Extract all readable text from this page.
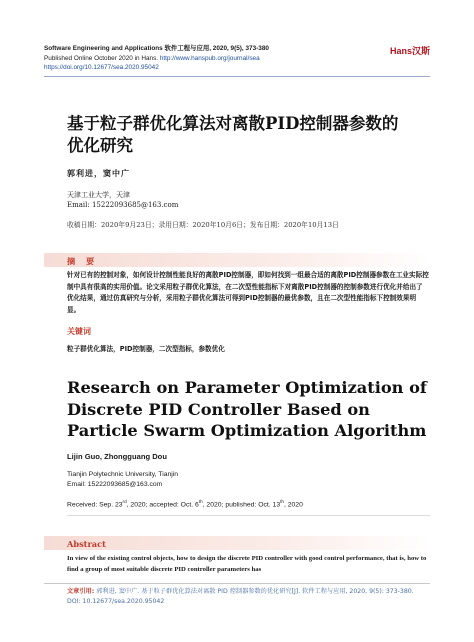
Software Engineering and Applications 软件工程与应用, 2020, 9(5), 373-380
Published Online October 2020 in Hans. http://www.hanspub.org/journal/sea
https://doi.org/10.12677/sea.2020.95042
Hans汉斯
基于粒子群优化算法对离散PID控制器参数的优化研究
郭利进，窦中广
天津工业大学，天津
Email: 15222093685@163.com
收稿日期：2020年9月23日；录用日期：2020年10月6日；发布日期：2020年10月13日
摘 要
针对已有的控制对象，如何设计控制性能良好的离散PID控制器，即如何找到一组最合适的离散PID控制器参数在工业实际控制中具有很高的实用价值。论文采用粒子群优化算法，在二次型性能指标下对离散PID控制器的控制参数进行优化并给出了优化结果，通过仿真研究与分析，采用粒子群优化算法可得到PID控制器的最优参数，且在二次型性能指标下控制效果明显。
关键词
粒子群优化算法，PID控制器，二次型指标，参数优化
Research on Parameter Optimization of Discrete PID Controller Based on Particle Swarm Optimization Algorithm
Lijin Guo, Zhongguang Dou
Tianjin Polytechnic University, Tianjin
Email: 15222093685@163.com
Received: Sep. 23rd, 2020; accepted: Oct. 6th, 2020; published: Oct. 13th, 2020
Abstract
In view of the existing control objects, how to design the discrete PID controller with good control performance, that is, how to find a group of most suitable discrete PID controller parameters has
文章引用: 郭利进, 窦中广. 基于粒子群优化算法对离散 PID 控制器参数的优化研究[J]. 软件工程与应用, 2020, 9(5): 373-380. DOI: 10.12677/sea.2020.95042
